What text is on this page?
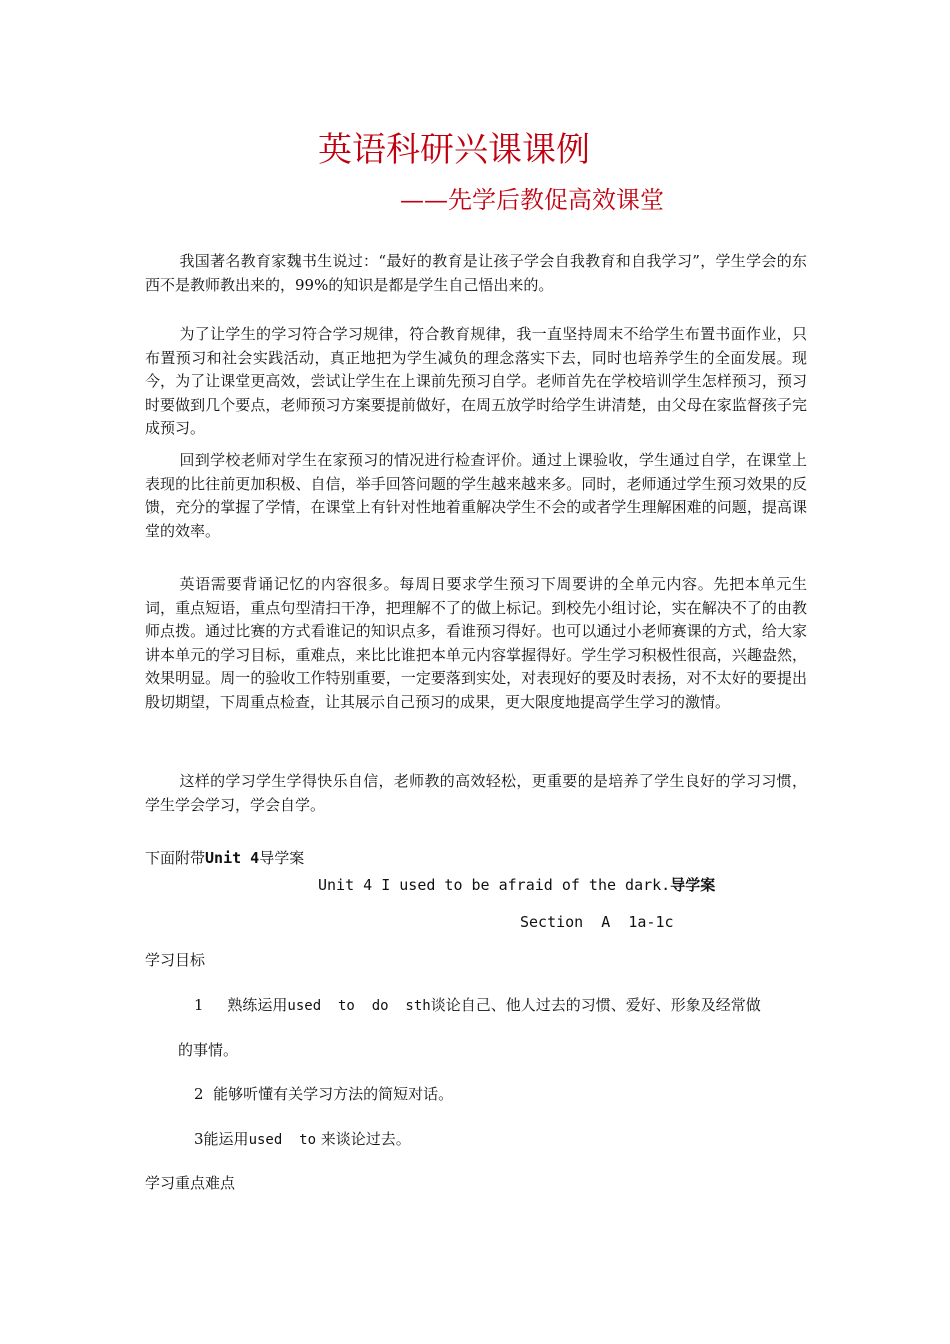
英语科研兴课课例
——先学后教促高效课堂

我国著名教育家魏书生说过：“最好的教育是让孩子学会自我教育和自我学习”，学生学会的东西不是教师教出来的，99%的知识是都是学生自己悟出来的。

为了让学生的学习符合学习规律，符合教育规律，我一直坚持周末不给学生布置书面作业，只布置预习和社会实践活动，真正地把为学生减负的理念落实下去，同时也培养学生的全面发展。现今，为了让课堂更高效，尝试让学生在上课前先预习自学。老师首先在学校培训学生怎样预习，预习时要做到几个要点，老师预习方案要提前做好，在周五放学时给学生讲清楚，由父母在家监督孩子完成预习。

回到学校老师对学生在家预习的情况进行检查评价。通过上课验收，学生通过自学，在课堂上表现的比往前更加积极、自信，举手回答问题的学生越来越来多。同时，老师通过学生预习效果的反馈，充分的掌握了学情，在课堂上有针对性地着重解决学生不会的或者学生理解困难的问题，提高课堂的效率。

英语需要背诵记忆的内容很多。每周日要求学生预习下周要讲的全单元内容。先把本单元生词，重点短语，重点句型清扫干净，把理解不了的做上标记。到校先小组讨论，实在解决不了的由教师点拨。通过比赛的方式看谁记的知识点多，看谁预习得好。也可以通过小老师赛课的方式，给大家讲本单元的学习目标，重难点，来比比谁把本单元内容掌握得好。学生学习积极性很高，兴趣盎然，效果明显。周一的验收工作特别重要，一定要落到实处，对表现好的要及时表扬，对不太好的要提出殷切期望，下周重点检查，让其展示自己预习的成果，更大限度地提高学生学习的激情。

这样的学习学生学得快乐自信，老师教的高效轻松，更重要的是培养了学生良好的学习习惯，学生学会学习，学会自学。

下面附带Unit 4导学案
Unit 4 I used to be afraid of the dark.导学案
Section  A  1a-1c
学习目标
1 熟练运用used  to  do  sth谈论自己、他人过去的习惯、爱好、形象及经常做
的事情。
2 能够听懂有关学习方法的简短对话。
3能运用used  to 来谈论过去。
学习重点难点
